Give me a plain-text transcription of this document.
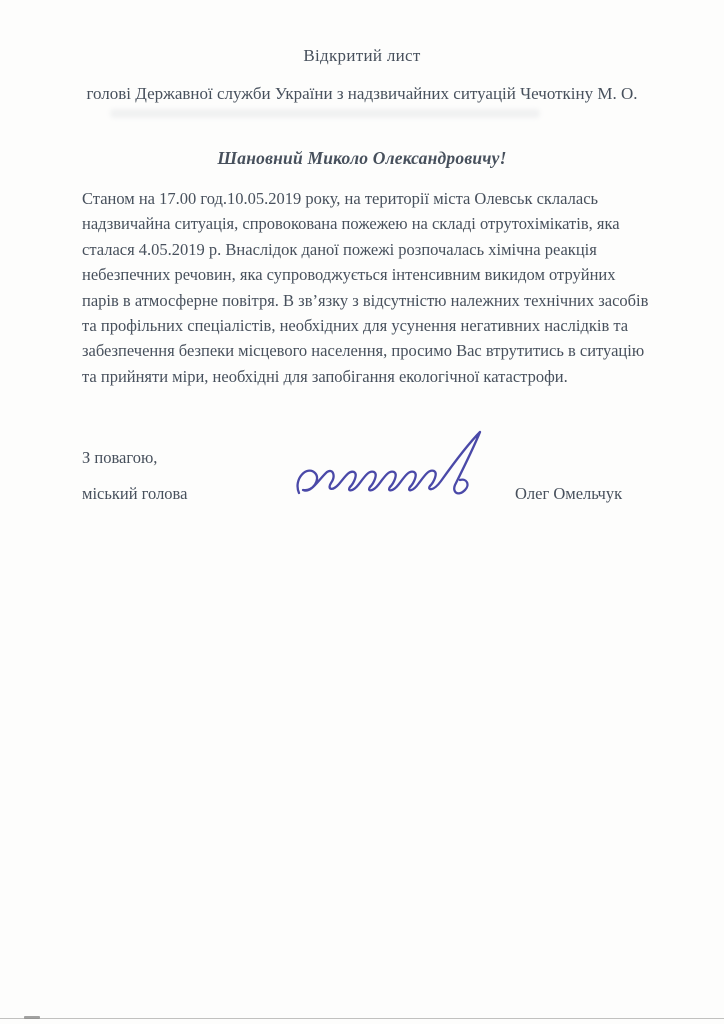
Відкритий лист
голові Державної служби України з надзвичайних ситуацій Чечоткіну М. О.
Шановний Миколо Олександровичу!
Станом на 17.00 год.10.05.2019 року, на території міста Олевськ склалась
надзвичайна ситуація, спровокована пожежею на складі отрутохімікатів, яка
сталася 4.05.2019 р. Внаслідок даної пожежі розпочалась хімічна реакція
небезпечних речовин, яка супроводжується інтенсивним викидом отруйних
парів в атмосферне повітря. В зв’язку з відсутністю належних технічних засобів
та профільних спеціалістів, необхідних для усунення негативних наслідків та
забезпечення безпеки місцевого населення, просимо Вас втрутитись в ситуацію
та прийняти міри, необхідні для запобігання екологічної катастрофи.
З повагою,
міський голова	Олег Омельчук
